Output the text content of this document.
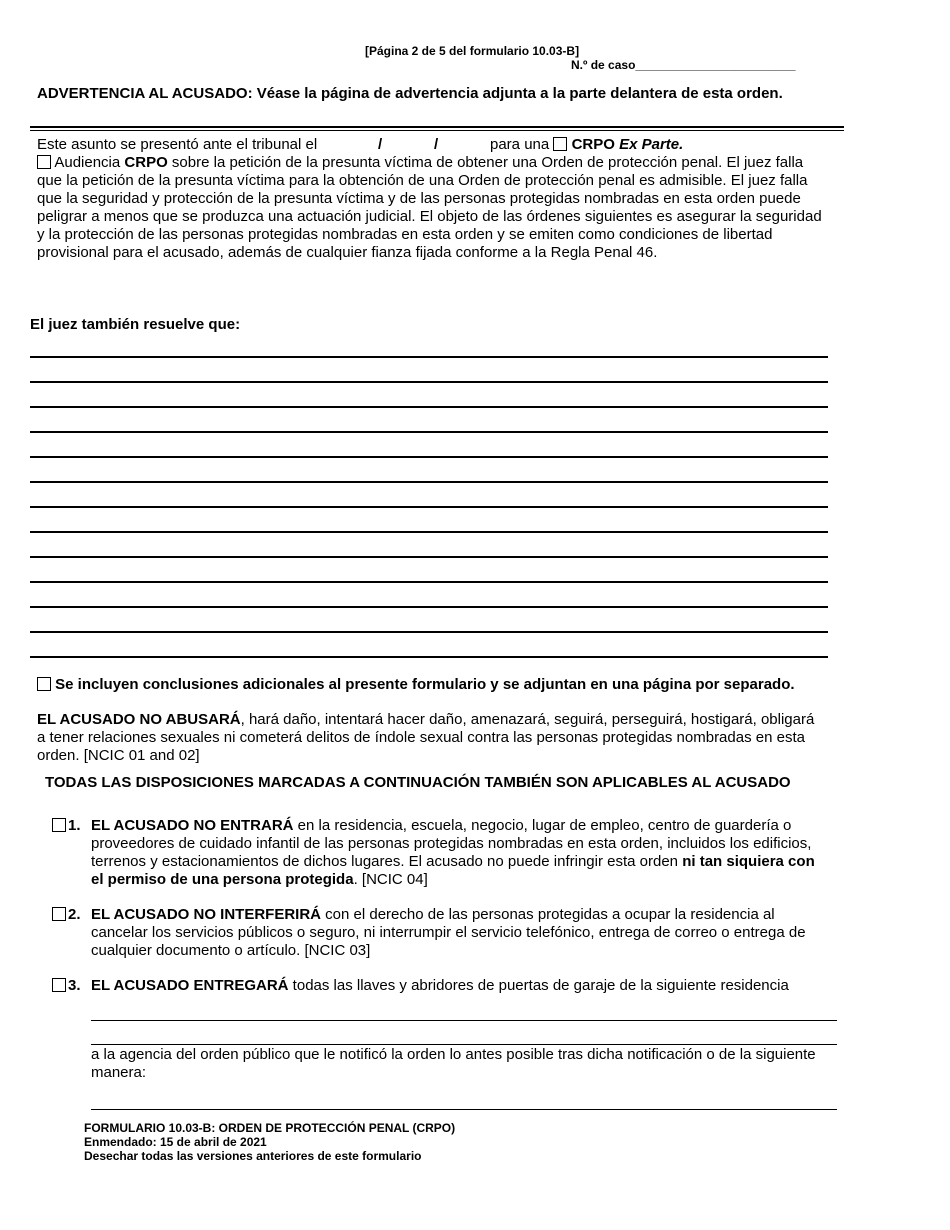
[Página 2 de 5 del formulario 10.03-B]
N.º de caso________________________
ADVERTENCIA AL ACUSADO: Véase la página de advertencia adjunta a la parte delantera de esta orden.
Este asunto se presentó ante el tribunal el	/	/	para una CRPO Ex Parte.
Audiencia CRPO sobre la petición de la presunta víctima de obtener una Orden de protección penal. El juez falla que la petición de la presunta víctima para la obtención de una Orden de protección penal es admisible. El juez falla que la seguridad y protección de la presunta víctima y de las personas protegidas nombradas en esta orden puede peligrar a menos que se produzca una actuación judicial. El objeto de las órdenes siguientes es asegurar la seguridad y la protección de las personas protegidas nombradas en esta orden y se emiten como condiciones de libertad provisional para el acusado, además de cualquier fianza fijada conforme a la Regla Penal 46.
El juez también resuelve que:
Se incluyen conclusiones adicionales al presente formulario y se adjuntan en una página por separado.
EL ACUSADO NO ABUSARÁ, hará daño, intentará hacer daño, amenazará, seguirá, perseguirá, hostigará, obligará a tener relaciones sexuales ni cometerá delitos de índole sexual contra las personas protegidas nombradas en esta orden. [NCIC 01 and 02]
TODAS LAS DISPOSICIONES MARCADAS A CONTINUACIÓN TAMBIÉN SON APLICABLES AL ACUSADO
1. EL ACUSADO NO ENTRARÁ en la residencia, escuela, negocio, lugar de empleo, centro de guardería o proveedores de cuidado infantil de las personas protegidas nombradas en esta orden, incluidos los edificios, terrenos y estacionamientos de dichos lugares. El acusado no puede infringir esta orden ni tan siquiera con el permiso de una persona protegida. [NCIC 04]
2. EL ACUSADO NO INTERFERIRÁ con el derecho de las personas protegidas a ocupar la residencia al cancelar los servicios públicos o seguro, ni interrumpir el servicio telefónico, entrega de correo o entrega de cualquier documento o artículo. [NCIC 03]
3. EL ACUSADO ENTREGARÁ todas las llaves y abridores de puertas de garaje de la siguiente residencia
a la agencia del orden público que le notificó la orden lo antes posible tras dicha notificación o de la siguiente manera:
FORMULARIO 10.03-B: ORDEN DE PROTECCIÓN PENAL (CRPO)
Enmendado: 15 de abril de 2021
Desechar todas las versiones anteriores de este formulario
